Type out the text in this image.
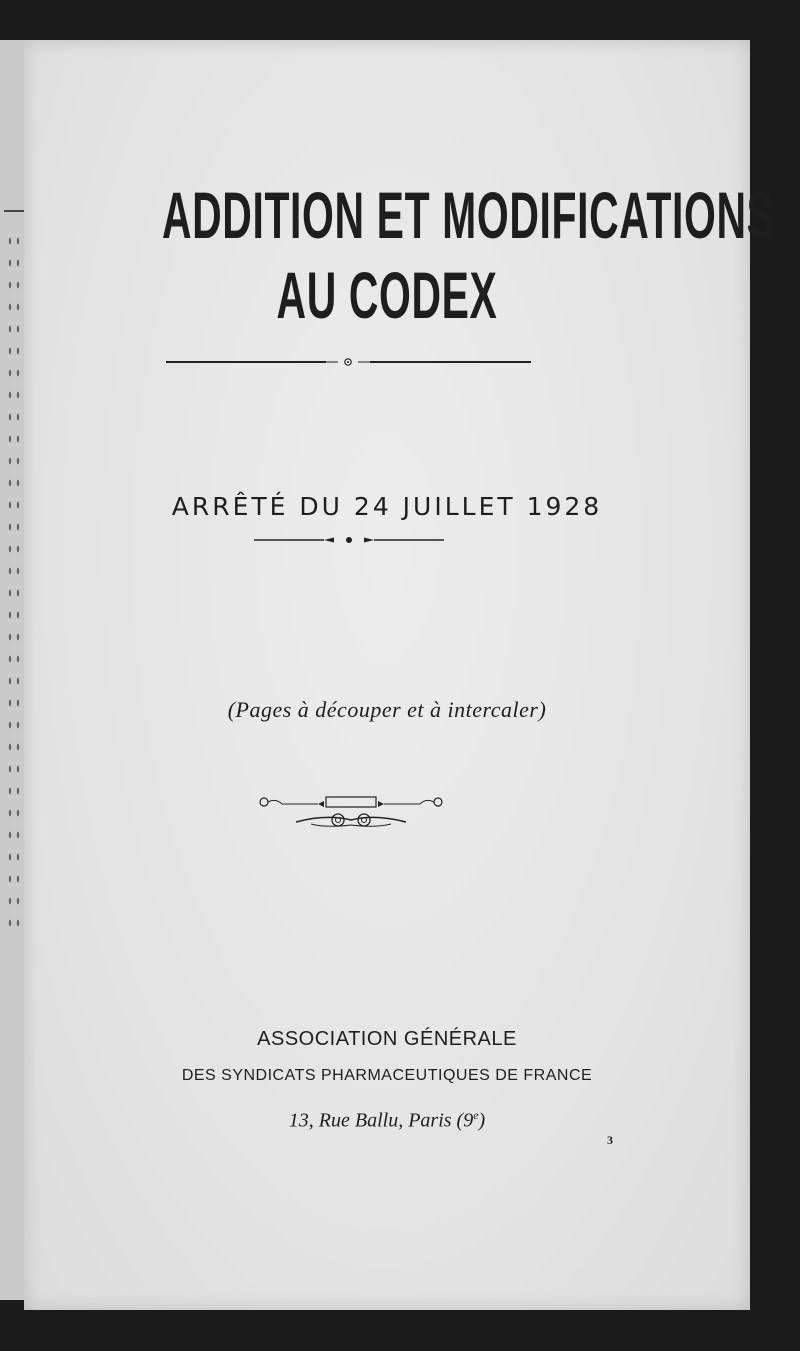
ADDITION ET MODIFICATIONS
AU CODEX
ARRÊTÉ DU 24 JUILLET 1928
(Pages à découper et à intercaler)
ASSOCIATION GÉNÉRALE
DES SYNDICATS PHARMACEUTIQUES DE FRANCE
13, Rue Ballu, Paris (9e)
3
